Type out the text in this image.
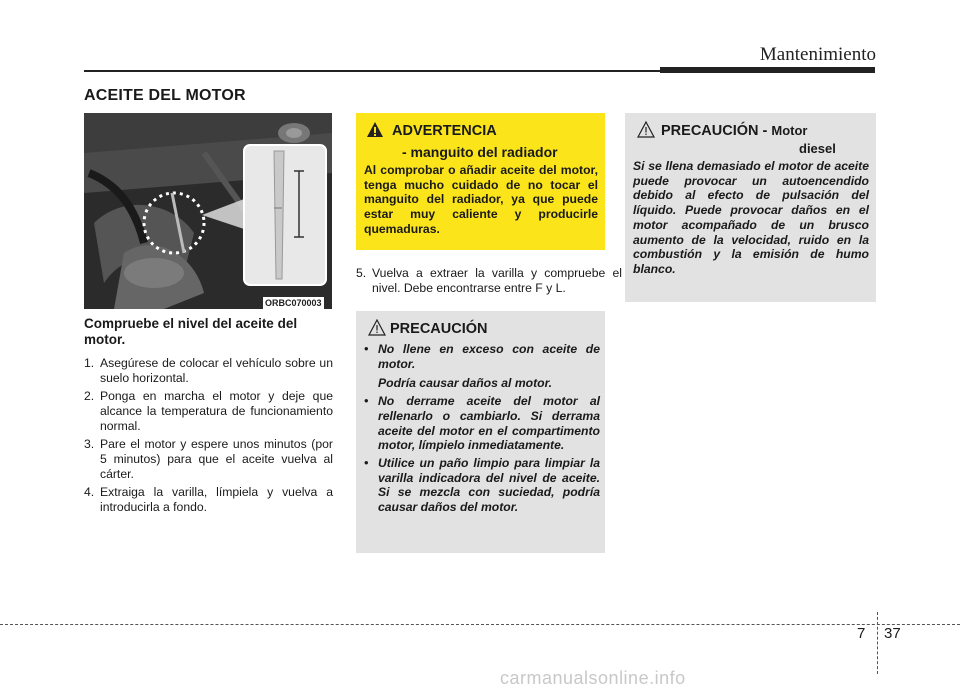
Mantenimiento
ACEITE DEL MOTOR
ORBC070003
Compruebe el nivel del aceite del motor.
1. Asegúrese de colocar el vehículo sobre un suelo horizontal.
2. Ponga en marcha el motor y deje que alcance la temperatura de funcionamiento normal.
3. Pare el motor y espere unos minutos (por 5 minutos) para que el aceite vuelva al cárter.
4. Extraiga la varilla, límpiela y vuelva a introducirla a fondo.
ADVERTENCIA
- manguito del radiador
Al comprobar o añadir aceite del motor, tenga mucho cuidado de no tocar el manguito del radiador, ya que puede estar muy caliente y producirle quemaduras.
5. Vuelva a extraer la varilla y compruebe el nivel. Debe encontrarse entre F y L.
PRECAUCIÓN
• No llene en exceso con aceite de motor.
Podría causar daños al motor.
• No derrame aceite del motor al rellenarlo o cambiarlo. Si derrama aceite del motor en el compartimento motor, límpielo inmediatamente.
• Utilice un paño limpio para limpiar la varilla indicadora del nivel de aceite. Si se mezcla con suciedad, podría causar daños del motor.
PRECAUCIÓN - Motor
diesel
Si se llena demasiado el motor de aceite puede provocar un autoencendido debido al efecto de pulsación del líquido. Puede provocar daños en el motor acompañado de un brusco aumento de la velocidad, ruido en la combustión y la emisión de humo blanco.
7 37
carmanualsonline.info
